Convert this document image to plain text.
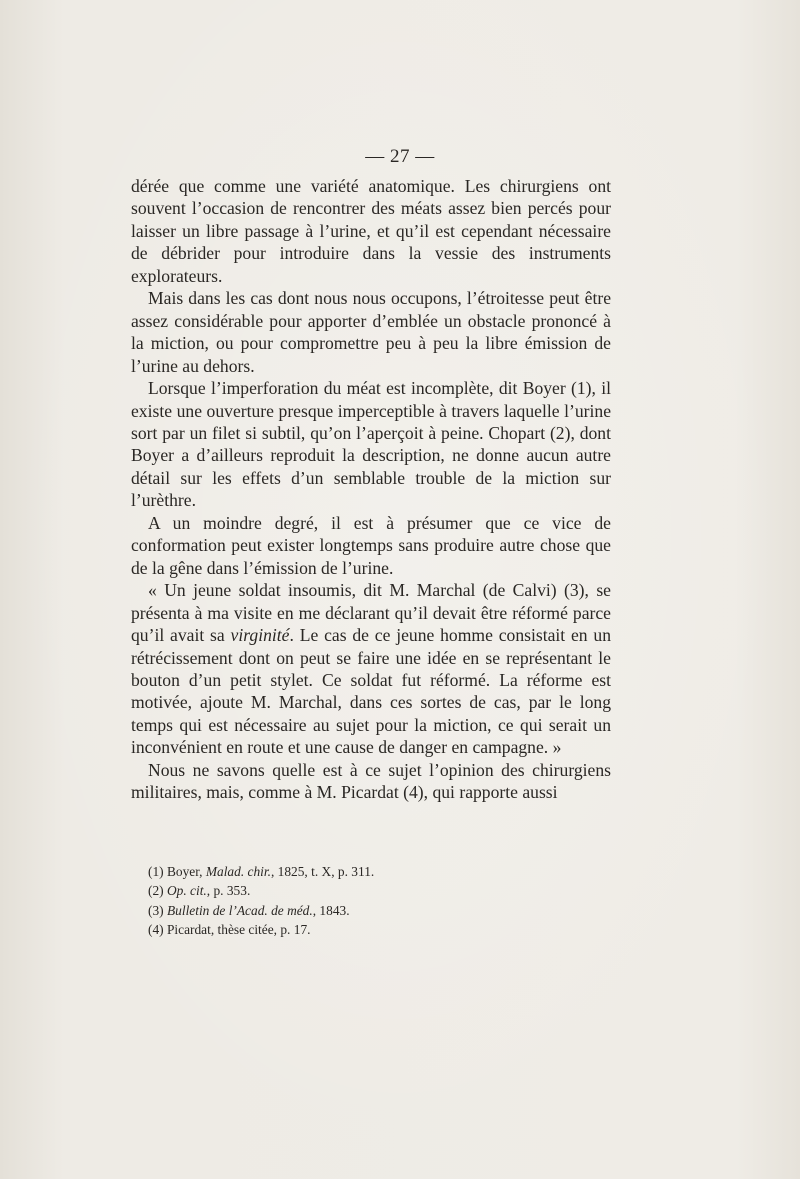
— 27 —

dérée que comme une variété anatomique. Les chirurgiens ont souvent l’occasion de rencontrer des méats assez bien percés pour laisser un libre passage à l’urine, et qu’il est cependant nécessaire de débrider pour introduire dans la vessie des instruments explorateurs.

Mais dans les cas dont nous nous occupons, l’étroitesse peut être assez considérable pour apporter d’emblée un obstacle prononcé à la miction, ou pour compromettre peu à peu la libre émission de l’urine au dehors.

Lorsque l’imperforation du méat est incomplète, dit Boyer (1), il existe une ouverture presque imperceptible à travers laquelle l’urine sort par un filet si subtil, qu’on l’aperçoit à peine. Chopart (2), dont Boyer a d’ailleurs reproduit la description, ne donne aucun autre détail sur les effets d’un semblable trouble de la miction sur l’urèthre.

A un moindre degré, il est à présumer que ce vice de conformation peut exister longtemps sans produire autre chose que de la gêne dans l’émission de l’urine.

« Un jeune soldat insoumis, dit M. Marchal (de Calvi) (3), se présenta à ma visite en me déclarant qu’il devait être réformé parce qu’il avait sa virginité. Le cas de ce jeune homme consistait en un rétrécissement dont on peut se faire une idée en se représentant le bouton d’un petit stylet. Ce soldat fut réformé. La réforme est motivée, ajoute M. Marchal, dans ces sortes de cas, par le long temps qui est nécessaire au sujet pour la miction, ce qui serait un inconvénient en route et une cause de danger en campagne. »

Nous ne savons quelle est à ce sujet l’opinion des chirurgiens militaires, mais, comme à M. Picardat (4), qui rapporte aussi

(1) Boyer, Malad. chir., 1825, t. X, p. 311.
(2) Op. cit., p. 353.
(3) Bulletin de l’Acad. de méd., 1843.
(4) Picardat, thèse citée, p. 17.
